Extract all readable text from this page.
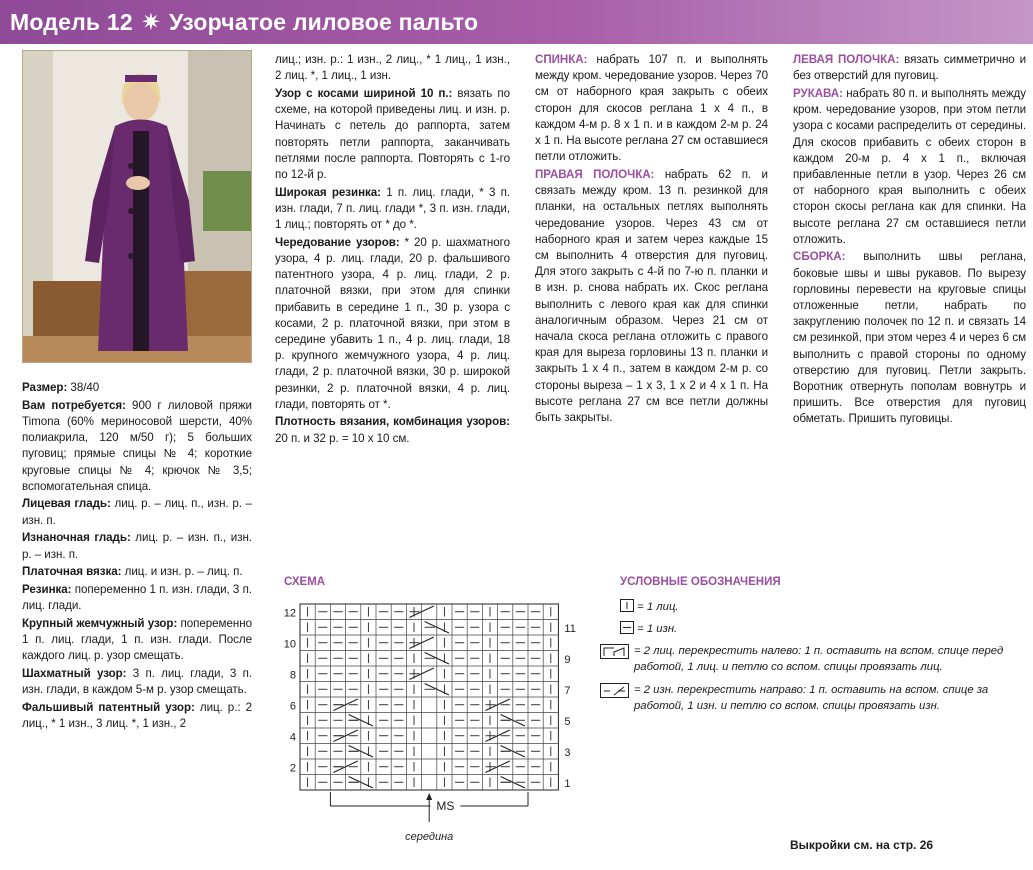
Модель 12 ✷ Узорчатое лиловое пальто

Размер: 38/40

Вам потребуется: 900 г лиловой пряжи Timona (60% мериносовой шерсти, 40% полиакрила, 120 м/50 г); 5 больших пуговиц; прямые спицы № 4; короткие круговые спицы № 4; крючок № 3,5; вспомогательная спица.

Лицевая гладь: лиц. р. – лиц. п., изн. р. – изн. п.

Изнаночная гладь: лиц. р. – изн. п., изн. р. – изн. п.

Платочная вязка: лиц. и изн. р. – лиц. п.

Резинка: попеременно 1 п. изн. глади, 3 п. лиц. глади.

Крупный жемчужный узор: попеременно 1 п. лиц. глади, 1 п. изн. глади. После каждого лиц. р. узор смещать.

Шахматный узор: 3 п. лиц. глади, 3 п. изн. глади, в каждом 5-м р. узор смещать.

Фальшивый патентный узор: лиц. р.: 2 лиц., * 1 изн., 3 лиц. *, 1 изн., 2

лиц.; изн. р.: 1 изн., 2 лиц., * 1 лиц., 1 изн., 2 лиц. *, 1 лиц., 1 изн.

Узор с косами шириной 10 п.: вязать по схеме, на которой приведены лиц. и изн. р. Начинать с петель до раппорта, затем повторять петли раппорта, заканчивать петлями после раппорта. Повторять с 1-го по 12-й р.

Широкая резинка: 1 п. лиц. глади, * 3 п. изн. глади, 7 п. лиц. глади *, 3 п. изн. глади, 1 лиц.; повторять от * до *.

Чередование узоров: * 20 р. шахматного узора, 4 р. лиц. глади, 20 р. фальшивого патентного узора, 4 р. лиц. глади, 2 р. платочной вязки, при этом для спинки прибавить в середине 1 п., 30 р. узора с косами, 2 р. платочной вязки, при этом в середине убавить 1 п., 4 р. лиц. глади, 18 р. крупного жемчужного узора, 4 р. лиц. глади, 2 р. платочной вязки, 30 р. широкой резинки, 2 р. платочной вязки, 4 р. лиц. глади, повторять от *.

Плотность вязания, комбинация узоров: 20 п. и 32 р. = 10 х 10 см.

СПИНКА: набрать 107 п. и выполнять между кром. чередование узоров. Через 70 см от наборного края закрыть с обеих сторон для скосов реглана 1 х 4 п., в каждом 4-м р. 8 х 1 п. и в каждом 2-м р. 24 х 1 п. На высоте реглана 27 см оставшиеся петли отложить.

ПРАВАЯ ПОЛОЧКА: набрать 62 п. и связать между кром. 13 п. резинкой для планки, на остальных петлях выполнять чередование узоров. Через 43 см от наборного края и затем через каждые 15 см выполнить 4 отверстия для пуговиц. Для этого закрыть с 4-й по 7-ю п. планки и в изн. р. снова набрать их. Скос реглана выполнить с левого края как для спинки аналогичным образом. Через 21 см от начала скоса реглана отложить с правого края для выреза горловины 13 п. планки и закрыть 1 х 4 п., затем в каждом 2-м р. со стороны выреза – 1 х 3, 1 х 2 и 4 х 1 п. На высоте реглана 27 см все петли должны быть закрыты.

ЛЕВАЯ ПОЛОЧКА: вязать симметрично и без отверстий для пуговиц.

РУКАВА: набрать 80 п. и выполнять между кром. чередование узоров, при этом петли узора с косами распределить от середины. Для скосов прибавить с обеих сторон в каждом 20-м р. 4 х 1 п., включая прибавленные петли в узор. Через 26 см от наборного края выполнить с обеих сторон скосы реглана как для спинки. На высоте реглана 27 см оставшиеся петли отложить.

СБОРКА: выполнить швы реглана, боковые швы и швы рукавов. По вырезу горловины перевести на круговые спицы отложенные петли, набрать по закруглению полочек по 12 п. и связать 14 см резинкой, при этом через 4 и через 6 см выполнить с правой стороны по одному отверстию для пуговиц. Петли закрыть. Воротник отвернуть пополам вовнутрь и пришить. Все отверстия для пуговиц обметать. Пришить пуговицы.

СХЕМА
12
10
8
6
4
2
11
9
7
5
3
1
MS
середина
УСЛОВНЫЕ ОБОЗНАЧЕНИЯ
= 1 лиц.
= 1 изн.
= 2 лиц. перекрестить налево: 1 п. оставить на вспом. спице перед работой, 1 лиц. и петлю со вспом. спицы провязать лиц.
= 2 изн. перекрестить направо: 1 п. оставить на вспом. спице за работой, 1 изн. и петлю со вспом. спицы провязать изн.
Выкройки см. на стр. 26
